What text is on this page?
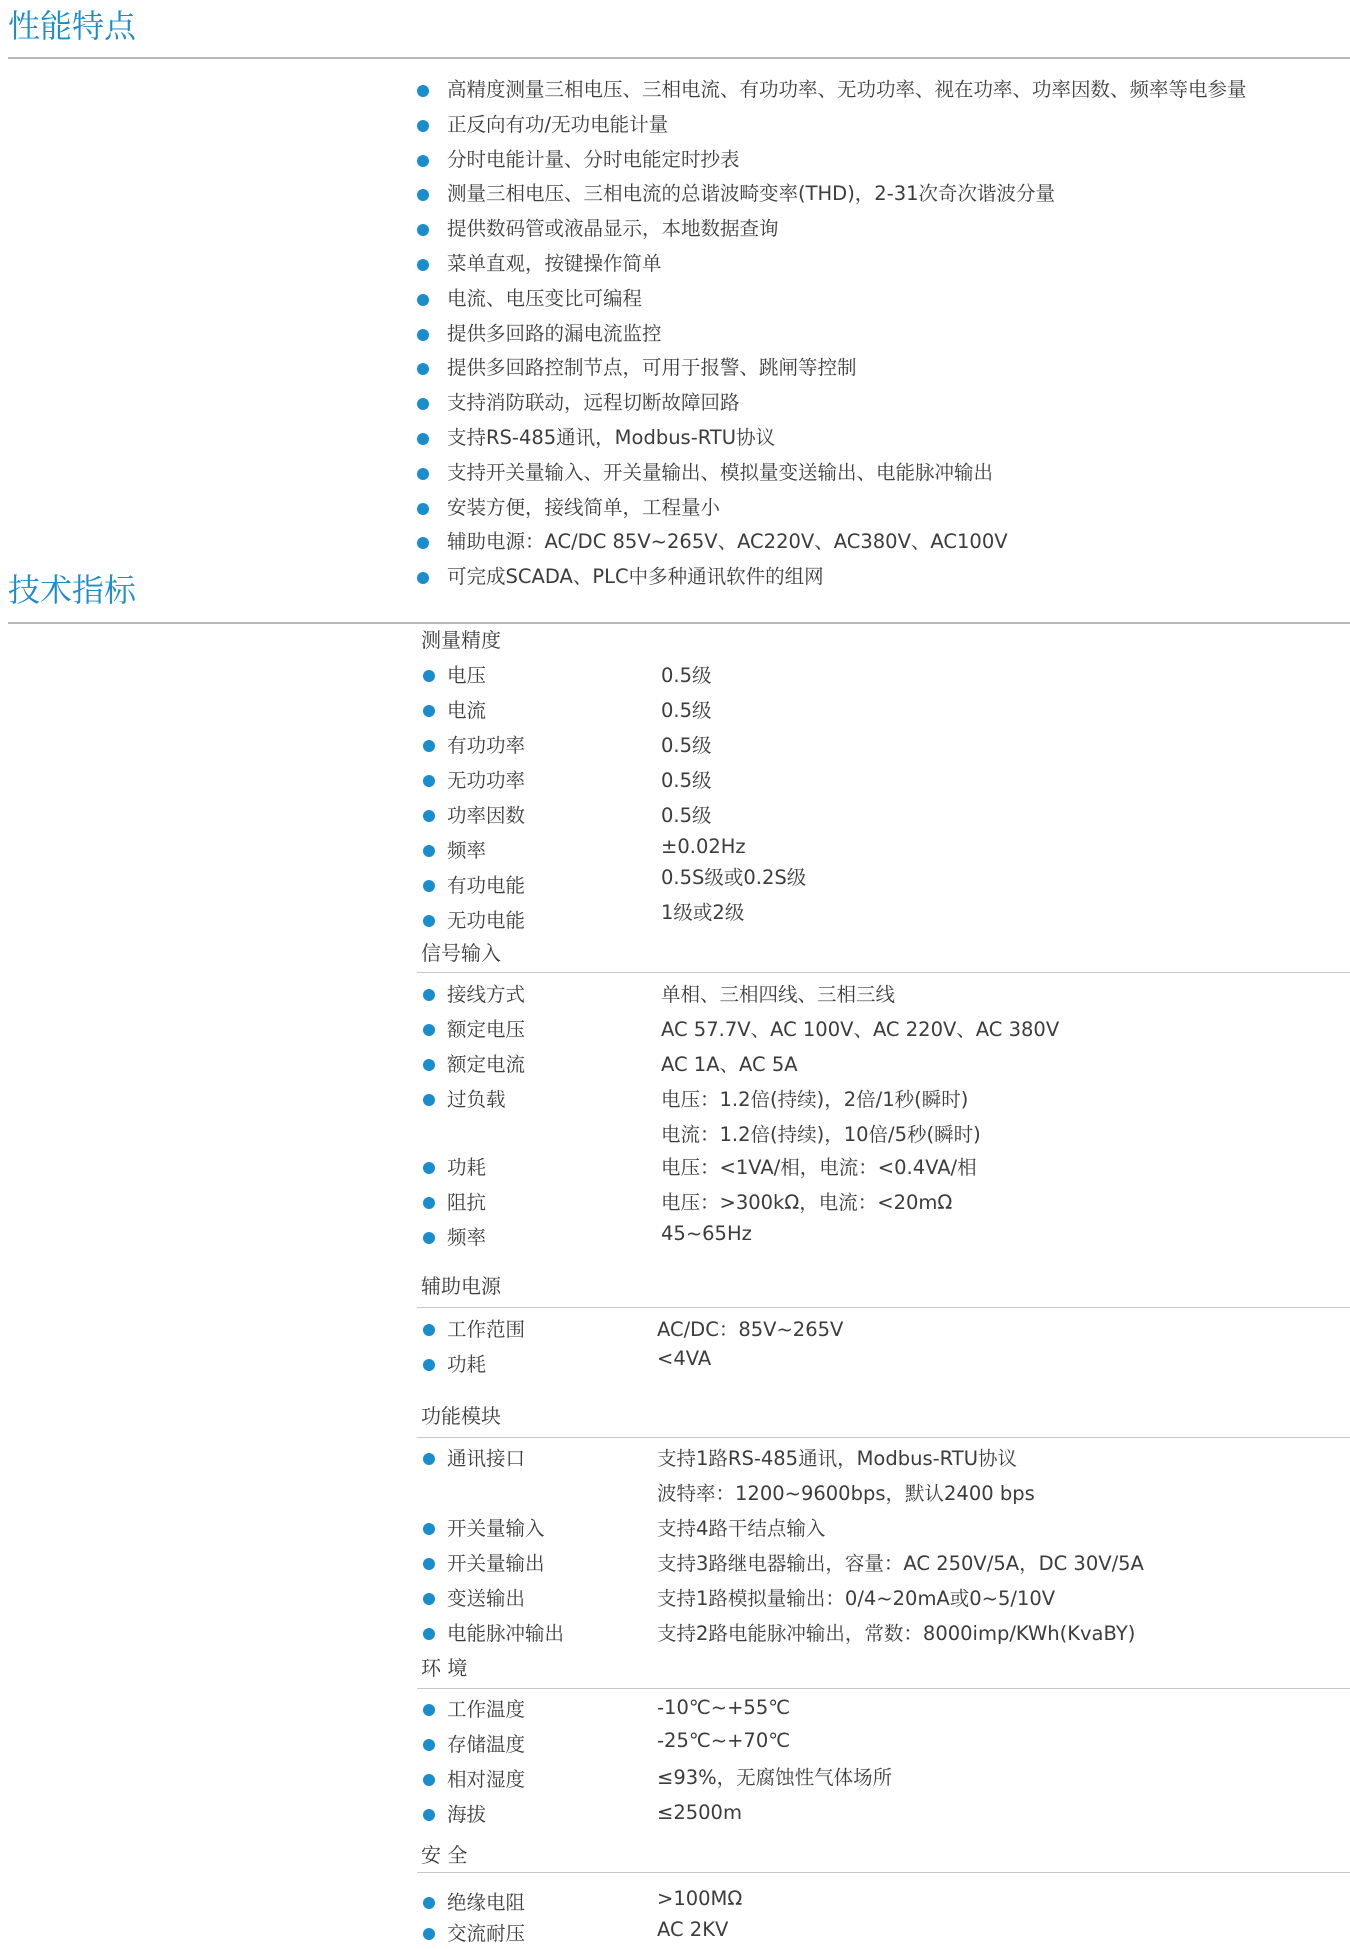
性能特点
高精度测量三相电压、三相电流、有功功率、无功功率、视在功率、功率因数、频率等电参量
正反向有功/无功电能计量
分时电能计量、分时电能定时抄表
测量三相电压、三相电流的总谐波畸变率(THD)，2-31次奇次谐波分量
提供数码管或液晶显示，本地数据查询
菜单直观，按键操作简单
电流、电压变比可编程
提供多回路的漏电流监控
提供多回路控制节点，可用于报警、跳闸等控制
支持消防联动，远程切断故障回路
支持RS-485通讯，Modbus-RTU协议
支持开关量输入、开关量输出、模拟量变送输出、电能脉冲输出
安装方便，接线简单，工程量小
辅助电源：AC/DC 85V~265V、AC220V、AC380V、AC100V
可完成SCADA、PLC中多种通讯软件的组网
技术指标
测量精度
电压	0.5级
电流	0.5级
有功功率	0.5级
无功功率	0.5级
功率因数	0.5级
频率	±0.02Hz
有功电能	0.5S级或0.2S级
无功电能	1级或2级
信号输入
接线方式	单相、三相四线、三相三线
额定电压	AC 57.7V、AC 100V、AC 220V、AC 380V
额定电流	AC 1A、AC 5A
过负载	电压：1.2倍(持续)，2倍/1秒(瞬时)
电流：1.2倍(持续)，10倍/5秒(瞬时)
功耗	电压：<1VA/相，电流：<0.4VA/相
阻抗	电压：>300kΩ，电流：<20mΩ
频率	45~65Hz
辅助电源
工作范围	AC/DC：85V~265V
功耗	<4VA
功能模块
通讯接口	支持1路RS-485通讯，Modbus-RTU协议
波特率：1200~9600bps，默认2400 bps
开关量输入	支持4路干结点输入
开关量输出	支持3路继电器输出，容量：AC 250V/5A，DC 30V/5A
变送输出	支持1路模拟量输出：0/4~20mA或0~5/10V
电能脉冲输出	支持2路电能脉冲输出，常数：8000imp/KWh(KvaBY)
环 境
工作温度	-10℃~+55℃
存储温度	-25℃~+70℃
相对湿度	≤93%，无腐蚀性气体场所
海拔	≤2500m
安 全
绝缘电阻	>100MΩ
交流耐压	AC 2KV
